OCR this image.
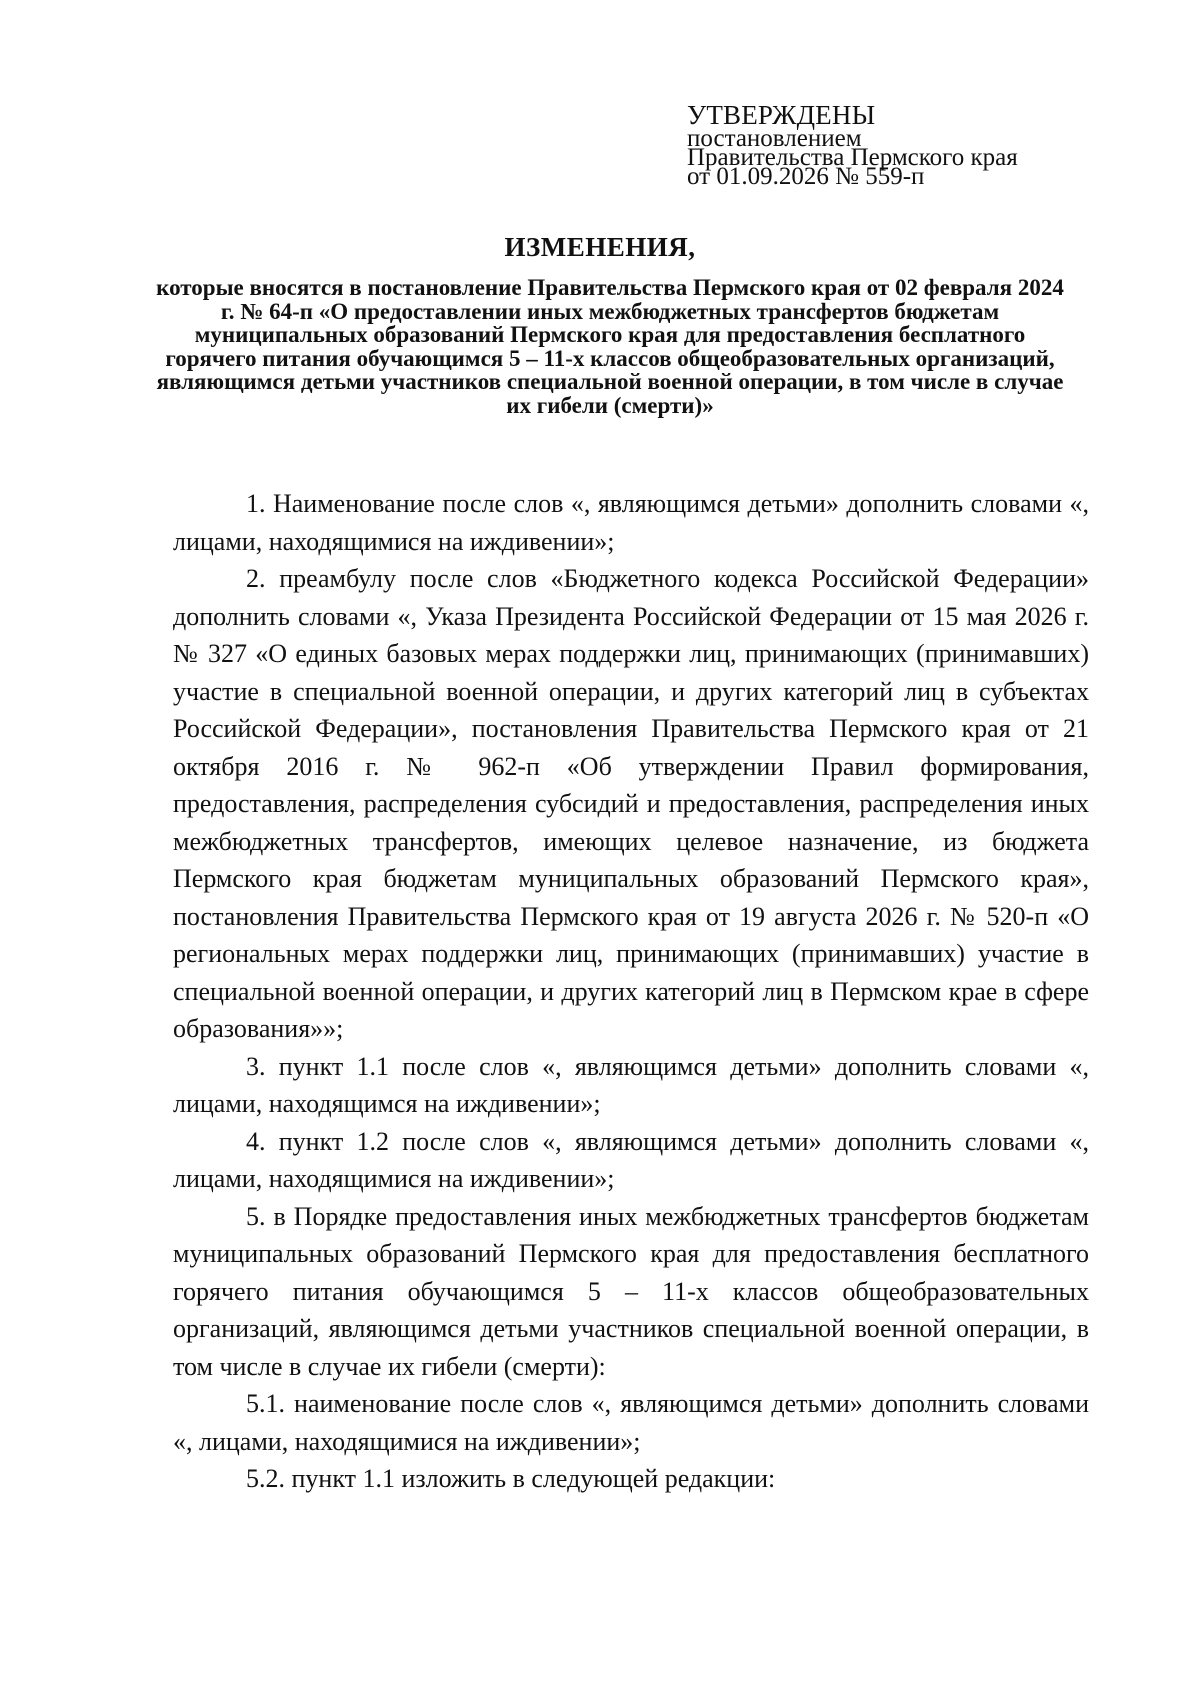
УТВЕРЖДЕНЫ
постановлением
Правительства Пермского края
от 01.09.2026 № 559-п
ИЗМЕНЕНИЯ,
которые вносятся в постановление Правительства Пермского края от 02 февраля 2024 г. № 64-п «О предоставлении иных межбюджетных трансфертов бюджетам муниципальных образований Пермского края для предоставления бесплатного горячего питания обучающимся 5 – 11-х классов общеобразовательных организаций, являющимся детьми участников специальной военной операции, в том числе в случае их гибели (смерти)»

1. Наименование после слов «, являющимся детьми» дополнить словами «, лицами, находящимися на иждивении»;

2. преамбулу после слов «Бюджетного кодекса Российской Федерации» дополнить словами «, Указа Президента Российской Федерации от 15 мая 2026 г. № 327 «О единых базовых мерах поддержки лиц, принимающих (принимавших) участие в специальной военной операции, и других категорий лиц в субъектах Российской Федерации», постановления Правительства Пермского края от 21 октября 2016 г. № 962-п «Об утверждении Правил формирования, предоставления, распределения субсидий и предоставления, распределения иных межбюджетных трансфертов, имеющих целевое назначение, из бюджета Пермского края бюджетам муниципальных образований Пермского края», постановления Правительства Пермского края от 19 августа 2026 г. № 520-п «О региональных мерах поддержки лиц, принимающих (принимавших) участие в специальной военной операции, и других категорий лиц в Пермском крае в сфере образования»»;

3. пункт 1.1 после слов «, являющимся детьми» дополнить словами «, лицами, находящимся на иждивении»;

4. пункт 1.2 после слов «, являющимся детьми» дополнить словами «, лицами, находящимися на иждивении»;

5. в Порядке предоставления иных межбюджетных трансфертов бюджетам муниципальных образований Пермского края для предоставления бесплатного горячего питания обучающимся 5 – 11-х классов общеобразовательных организаций, являющимся детьми участников специальной военной операции, в том числе в случае их гибели (смерти):

5.1. наименование после слов «, являющимся детьми» дополнить словами «, лицами, находящимися на иждивении»;

5.2. пункт 1.1 изложить в следующей редакции:
